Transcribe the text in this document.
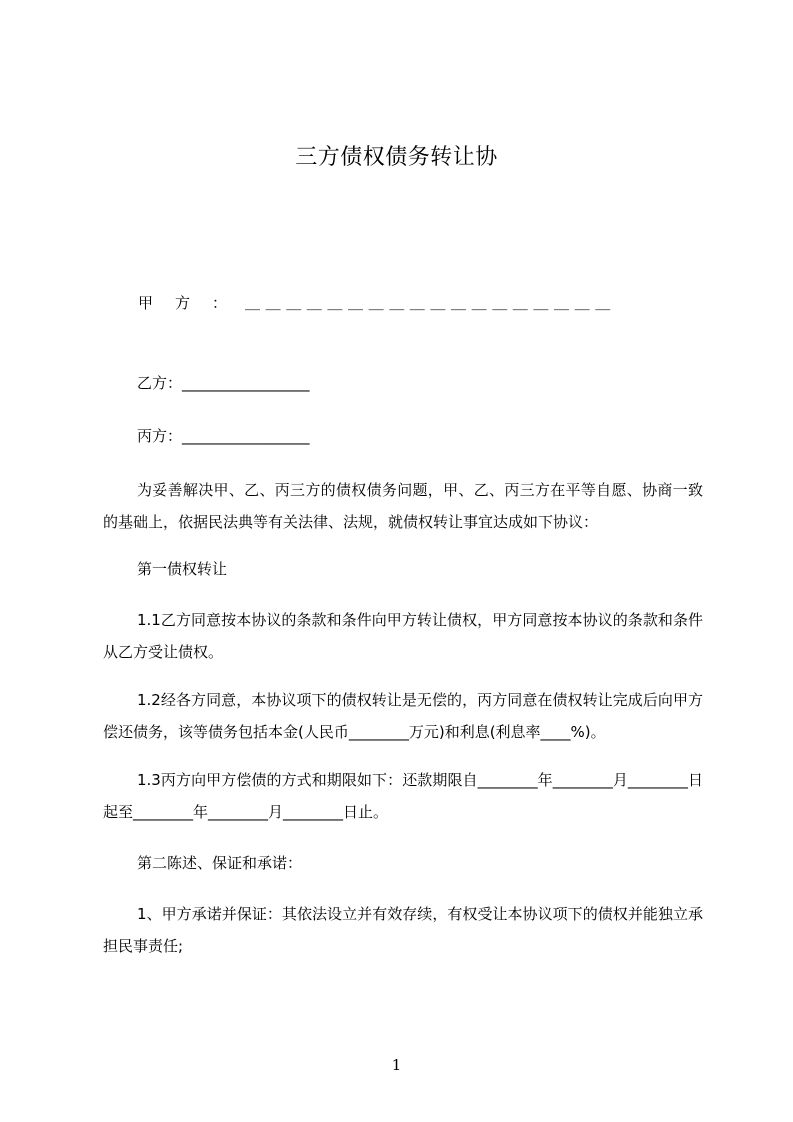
三方债权债务转让协
甲 方 ： ＿＿＿＿＿＿＿＿＿＿＿＿＿＿＿＿＿＿
乙方：_________________
丙方：_________________
为妥善解决甲、乙、丙三方的债权债务问题，甲、乙、丙三方在平等自愿、协商一致的基础上，依据民法典等有关法律、法规，就债权转让事宜达成如下协议：
第一债权转让
1.1乙方同意按本协议的条款和条件向甲方转让债权，甲方同意按本协议的条款和条件从乙方受让债权。
1.2经各方同意，本协议项下的债权转让是无偿的，丙方同意在债权转让完成后向甲方偿还债务，该等债务包括本金(人民币________万元)和利息(利息率____%)。
1.3丙方向甲方偿债的方式和期限如下：还款期限自________年________月________日起至________年________月________日止。
第二陈述、保证和承诺：
1、甲方承诺并保证：其依法设立并有效存续，有权受让本协议项下的债权并能独立承担民事责任;
1
